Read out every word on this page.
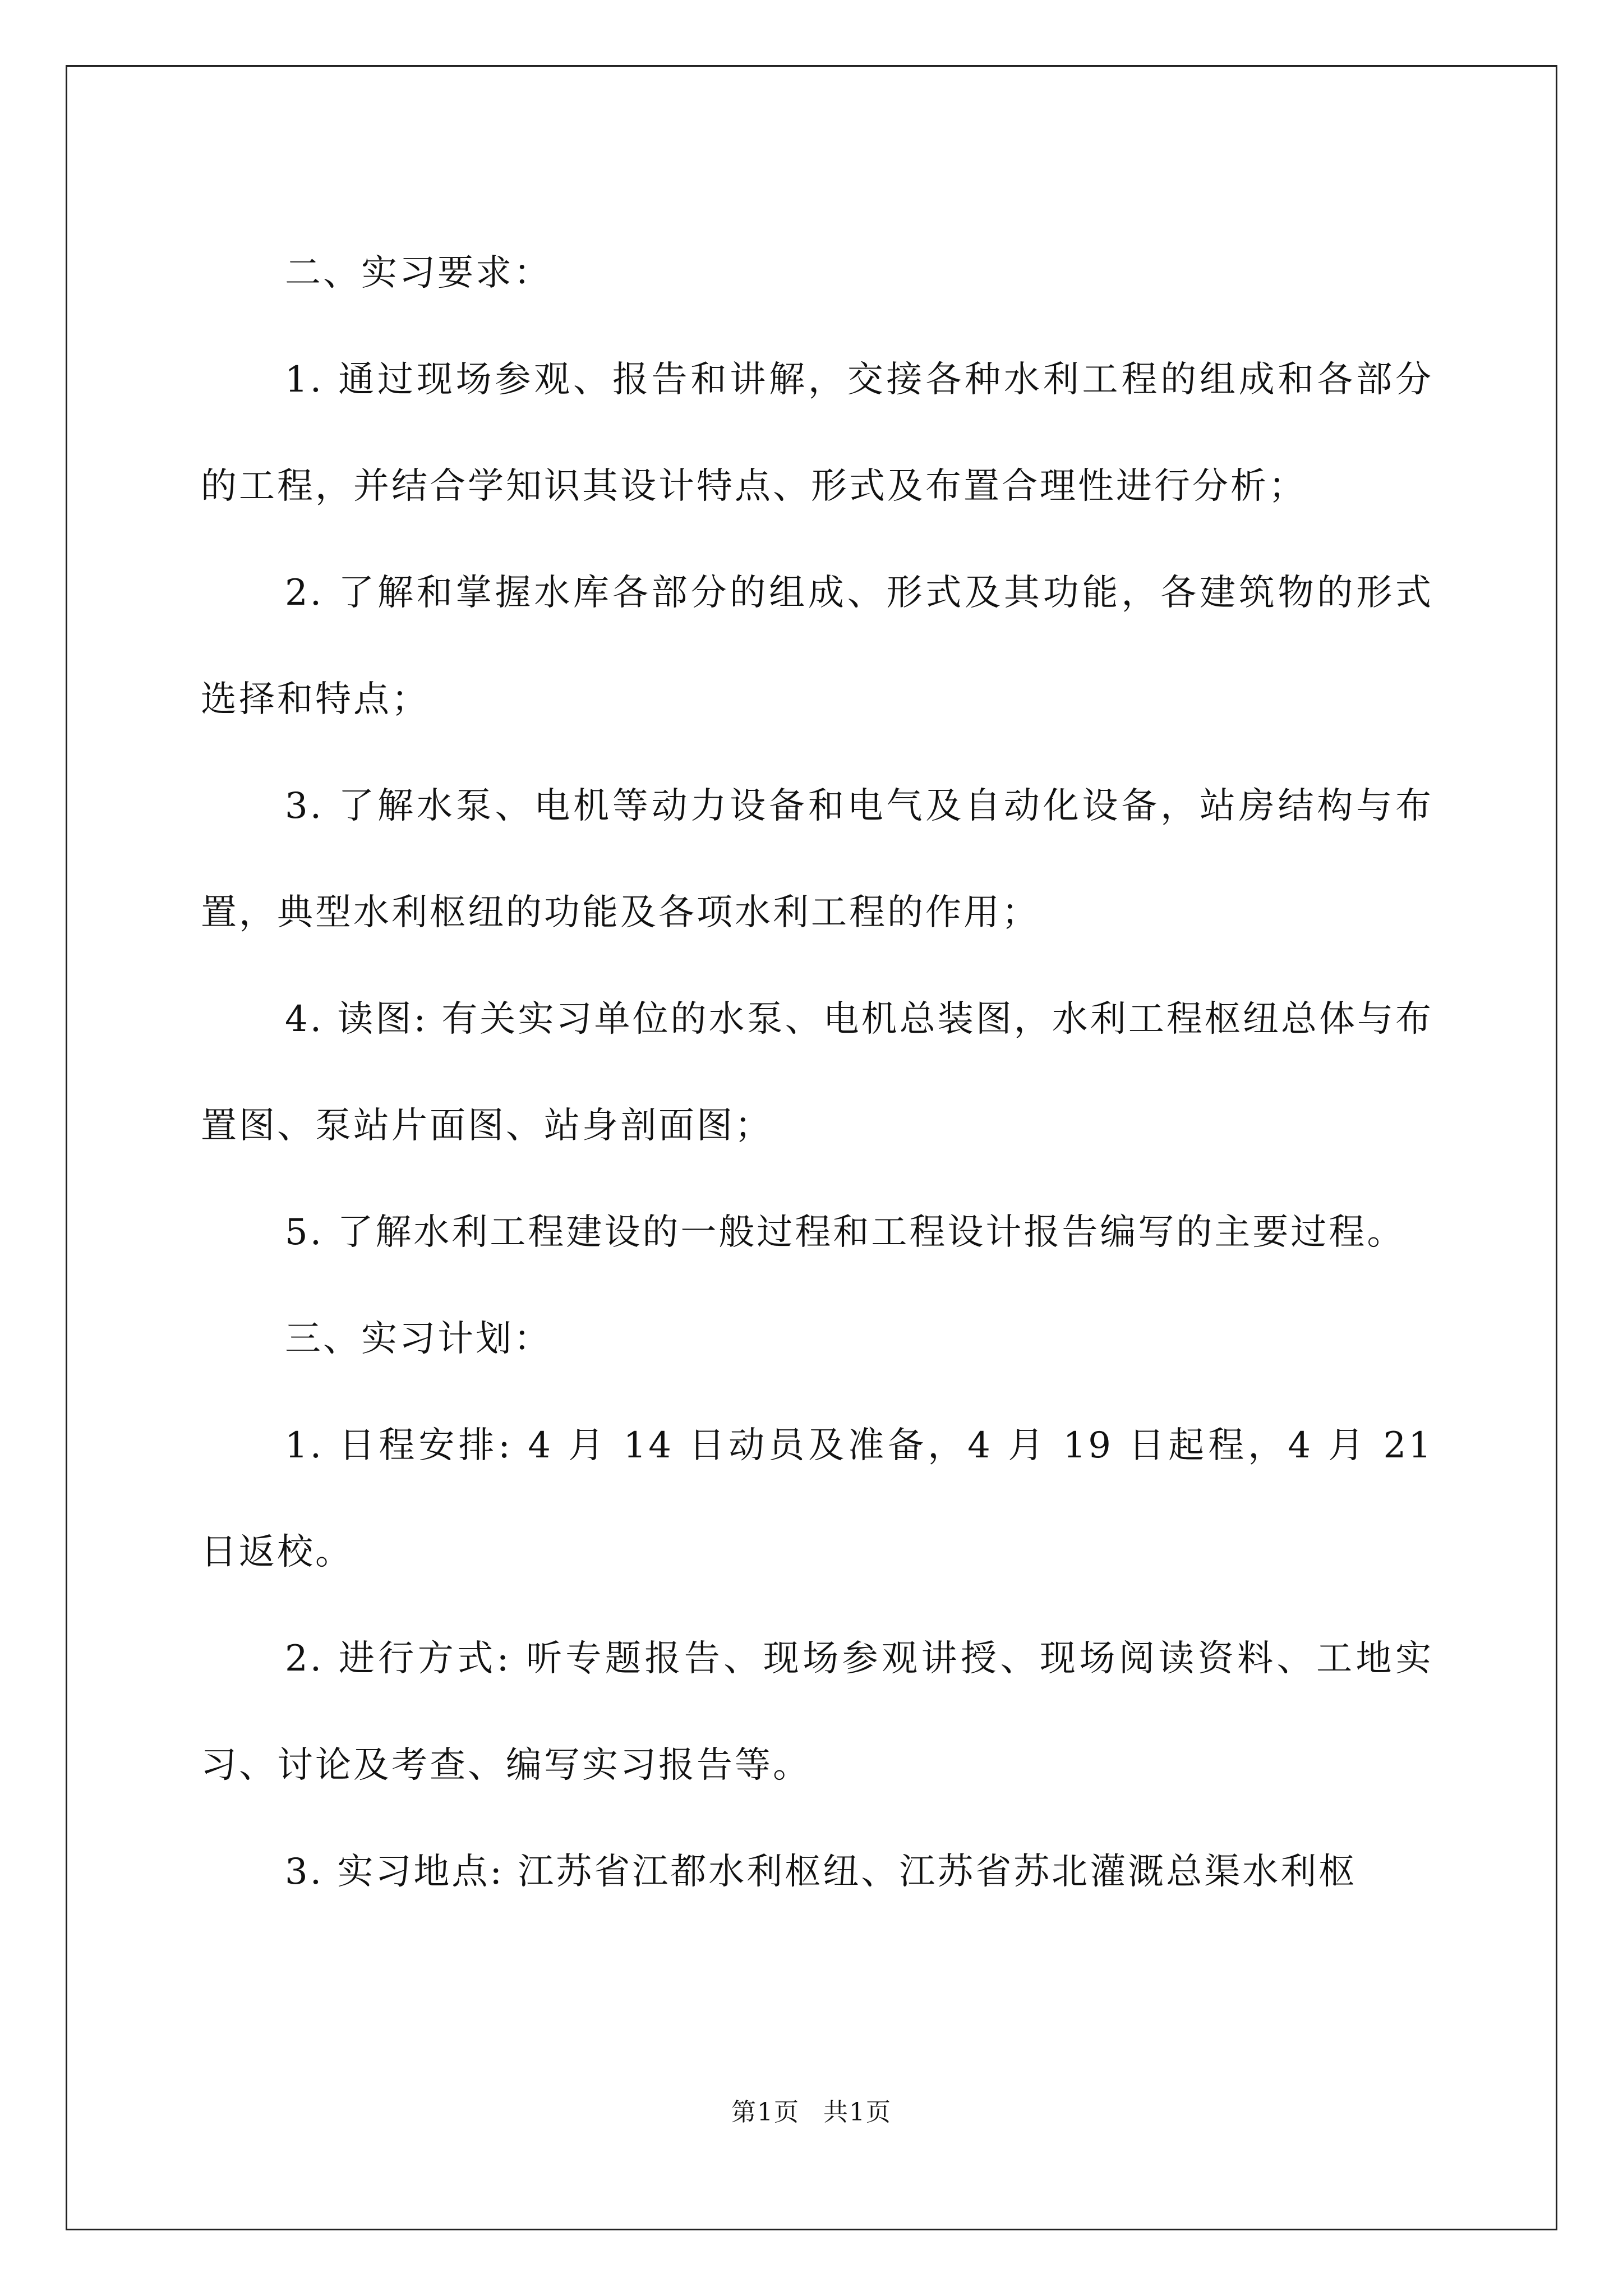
二、实习要求：

1. 通过现场参观、报告和讲解，交接各种水利工程的组成和各部分的工程，并结合学知识其设计特点、形式及布置合理性进行分析；

2. 了解和掌握水库各部分的组成、形式及其功能，各建筑物的形式选择和特点；

3. 了解水泵、电机等动力设备和电气及自动化设备，站房结构与布置，典型水利枢纽的功能及各项水利工程的作用；

4. 读图: 有关实习单位的水泵、电机总装图，水利工程枢纽总体与布置图、泵站片面图、站身剖面图；

5. 了解水利工程建设的一般过程和工程设计报告编写的主要过程。

三、实习计划：

1. 日程安排: 4 月 14 日动员及准备，4 月 19 日起程，4 月 21 日返校。

2. 进行方式: 听专题报告、现场参观讲授、现场阅读资料、工地实习、讨论及考查、编写实习报告等。

3. 实习地点: 江苏省江都水利枢纽、江苏省苏北灌溉总渠水利枢

第1页 共1页
